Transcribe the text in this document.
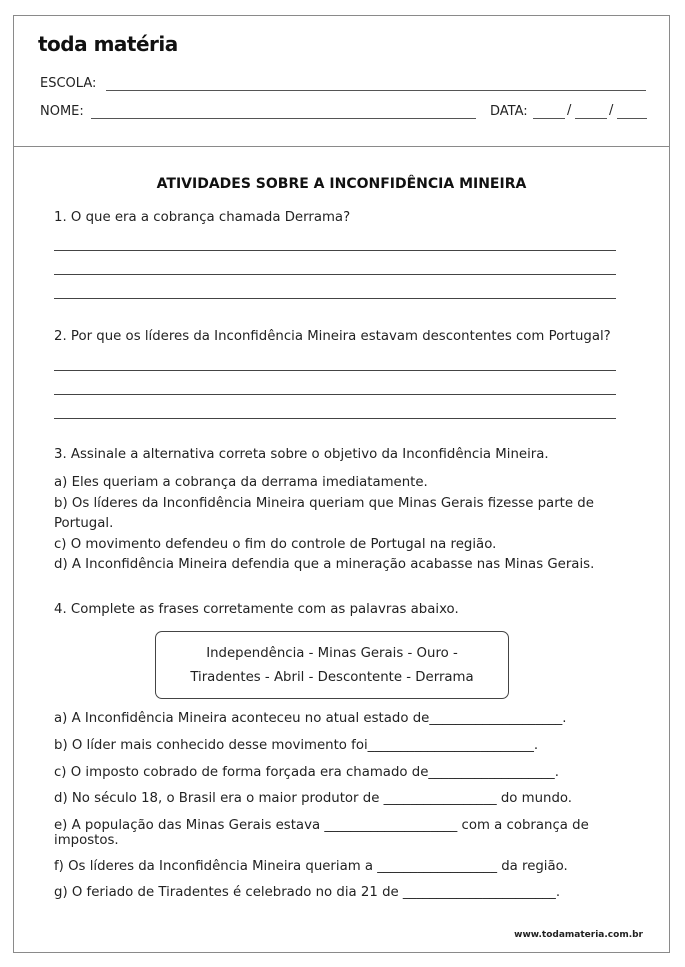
toda matéria
ESCOLA:
NOME:	DATA:	/	/
ATIVIDADES SOBRE A INCONFIDÊNCIA MINEIRA
1. O que era a cobrança chamada Derrama?
2. Por que os líderes da Inconfidência Mineira estavam descontentes com Portugal?
3. Assinale a alternativa correta sobre o objetivo da Inconfidência Mineira.
a) Eles queriam a cobrança da derrama imediatamente.
b) Os líderes da Inconfidência Mineira queriam que Minas Gerais fizesse parte de
Portugal.
c) O movimento defendeu o fim do controle de Portugal na região.
d) A Inconfidência Mineira defendia que a mineração acabasse nas Minas Gerais.
4. Complete as frases corretamente com as palavras abaixo.
Independência - Minas Gerais - Ouro -
Tiradentes - Abril - Descontente - Derrama
a) A Inconfidência Mineira aconteceu no atual estado de____________________.
b) O líder mais conhecido desse movimento foi_________________________.
c) O imposto cobrado de forma forçada era chamado de___________________.
d) No século 18, o Brasil era o maior produtor de _________________ do mundo.
e) A população das Minas Gerais estava ____________________ com a cobrança de impostos.
f) Os líderes da Inconfidência Mineira queriam a __________________ da região.
g) O feriado de Tiradentes é celebrado no dia 21 de _______________________.
www.todamateria.com.br
